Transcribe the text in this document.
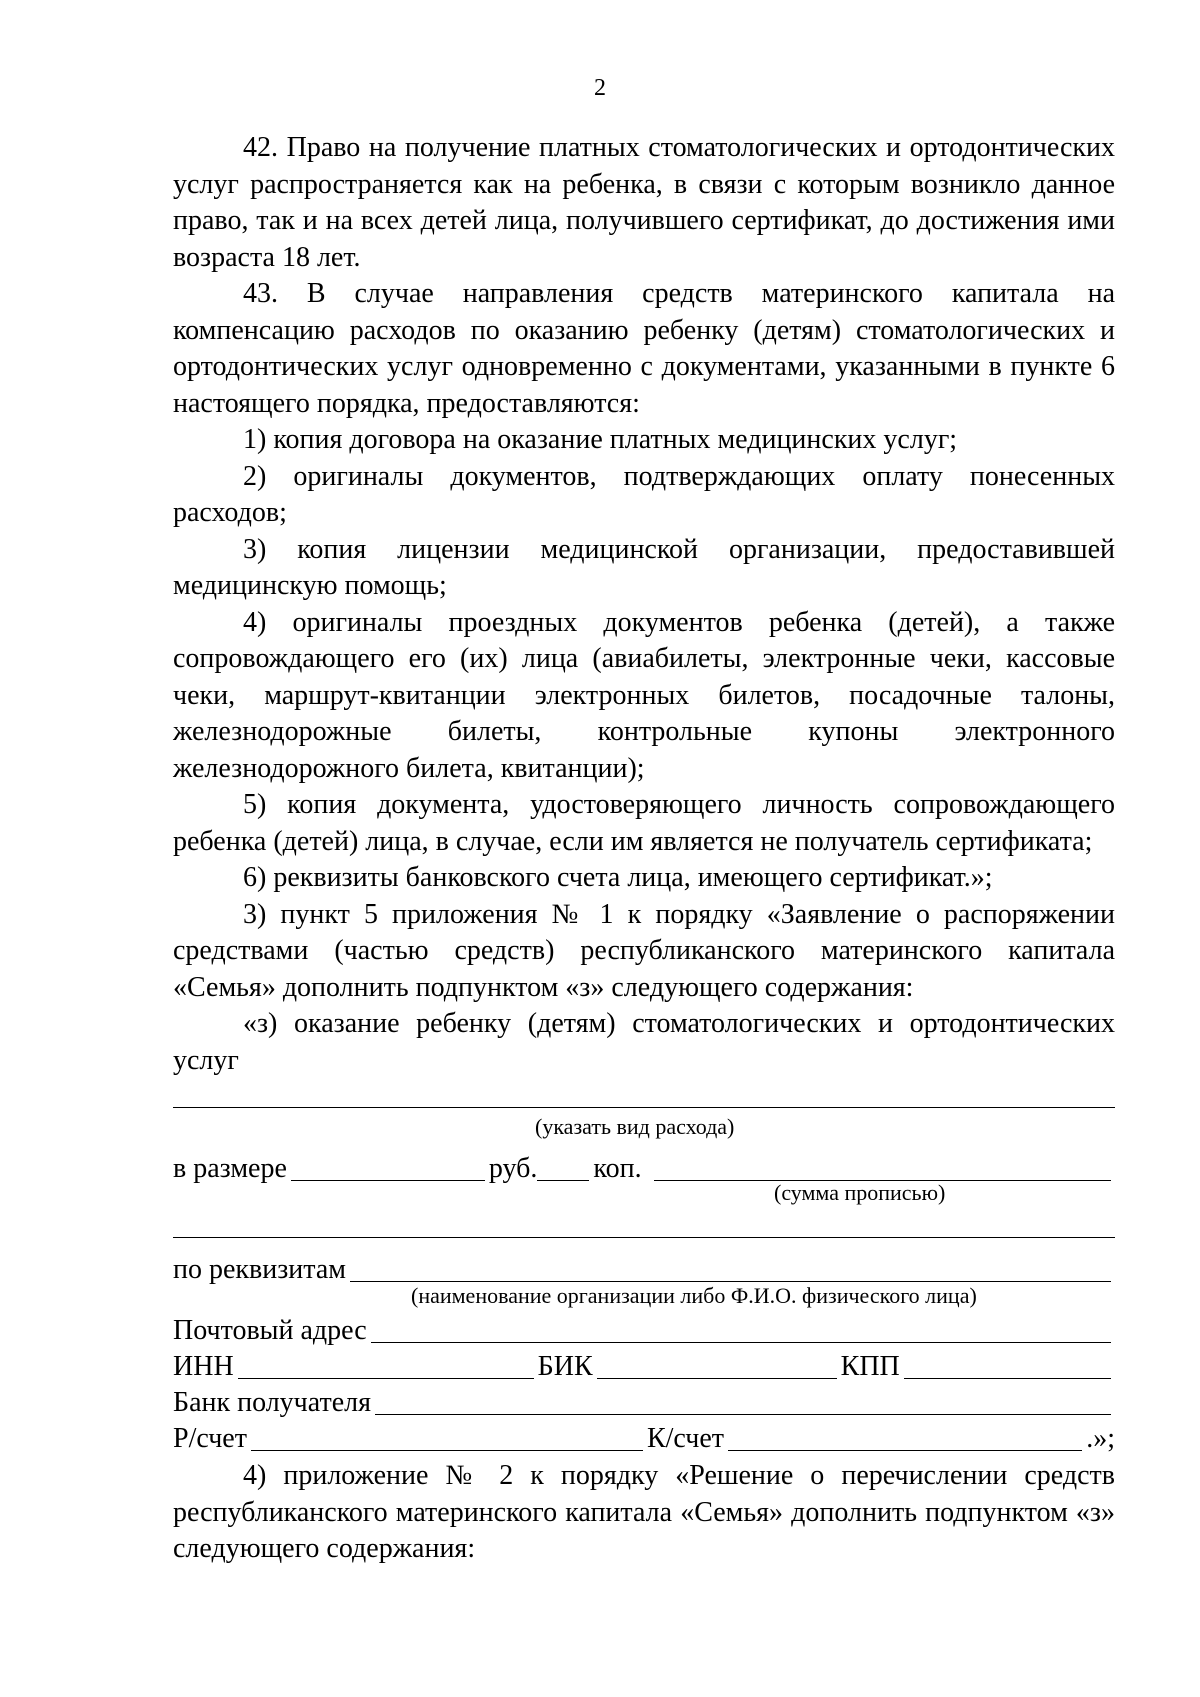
2

42. Право на получение платных стоматологических и ортодонтических услуг распространяется как на ребенка, в связи с которым возникло данное право, так и на всех детей лица, получившего сертификат, до достижения ими возраста 18 лет.

43. В случае направления средств материнского капитала на компенсацию расходов по оказанию ребенку (детям) стоматологических и ортодонтических услуг одновременно с документами, указанными в пункте 6 настоящего порядка, предоставляются:

1) копия договора на оказание платных медицинских услуг;

2) оригиналы документов, подтверждающих оплату понесенных расходов;

3) копия лицензии медицинской организации, предоставившей медицинскую помощь;

4) оригиналы проездных документов ребенка (детей), а также сопровождающего его (их) лица (авиабилеты, электронные чеки, кассовые чеки, маршрут-квитанции электронных билетов, посадочные талоны, железнодорожные билеты, контрольные купоны электронного железнодорожного билета, квитанции);

5) копия документа, удостоверяющего личность сопровождающего ребенка (детей) лица, в случае, если им является не получатель сертификата;

6) реквизиты банковского счета лица, имеющего сертификат.»;

3) пункт 5 приложения № 1 к порядку «Заявление о распоряжении средствами (частью средств) республиканского материнского капитала «Семья» дополнить подпунктом «з» следующего содержания:

«з) оказание ребенку (детям) стоматологических и ортодонтических услуг

(указать вид расхода)
в размере	руб. коп.
(сумма прописью)
по реквизитам
(наименование организации либо Ф.И.О. физического лица)
Почтовый адрес
ИНН	БИК	КПП
Банк получателя
Р/счет	К/счет	.»;

4) приложение № 2 к порядку «Решение о перечислении средств республиканского материнского капитала «Семья» дополнить подпунктом «з» следующего содержания:
